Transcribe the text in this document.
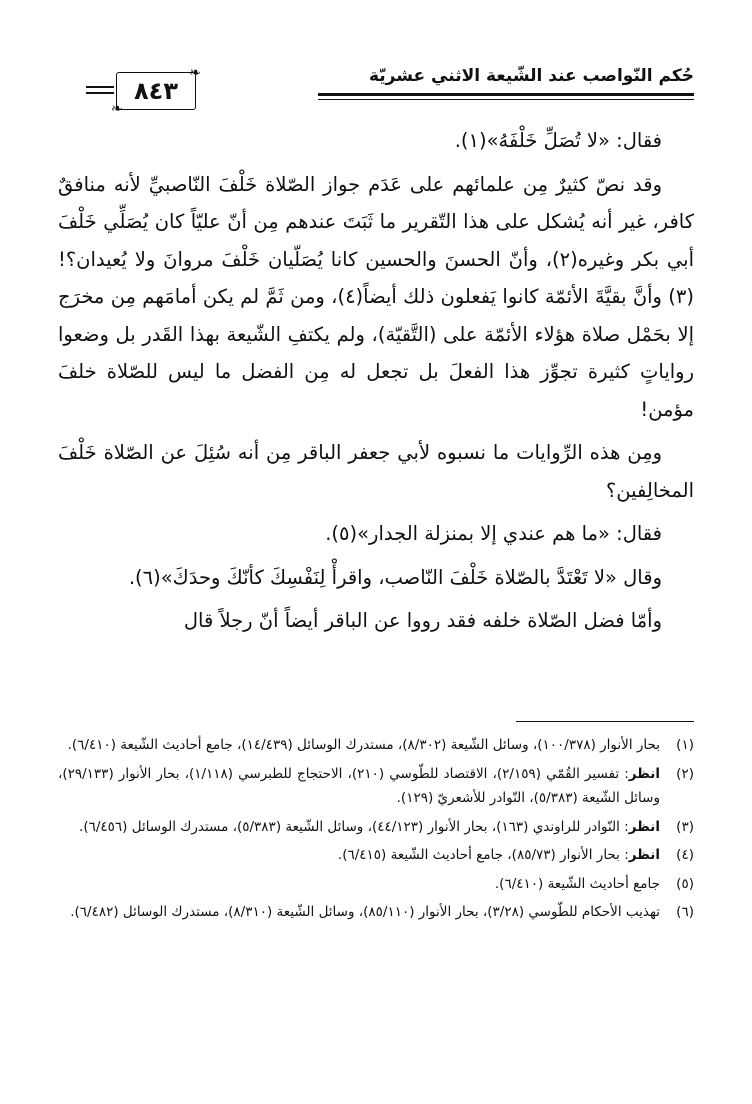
حُكم النّواصب عند الشّيعة الاثني عشريّة
❧
٨٤٣
❧

فقال: «لا تُصَلِّ خَلْفَهُ»(١).

وقد نصّ كثيرٌ مِن علمائهم على عَدَم جواز الصّلاة خَلْفَ النّاصبيِّ لأنه منافقٌ كافر، غير أنه يُشكل على هذا التّقرير ما ثَبَتَ عندهم مِن أنّ عليّاً كان يُصَلِّي خَلْفَ أبي بكر وغيره(٢)، وأنّ الحسنَ والحسين كانا يُصَلّيان خَلْفَ مروانَ ولا يُعيدان؟!(٣) وأنَّ بقيَّةَ الأئمّة كانوا يَفعلون ذلك أيضاً(٤)، ومن ثَمَّ لم يكن أمامَهم مِن مخرَج إلا بحَمْل صلاة هؤلاء الأئمّة على (التَّقيّة)، ولم يكتفِ الشّيعة بهذا القَدر بل وضعوا رواياتٍ كثيرة تجوِّز هذا الفعلَ بل تجعل له مِن الفضل ما ليس للصّلاة خلفَ مؤمن!

ومِن هذه الرِّوايات ما نسبوه لأبي جعفر الباقر مِن أنه سُئِلَ عن الصّلاة خَلْفَ المخالِفين؟

فقال: «ما هم عندي إلا بمنزلة الجدار»(٥).

وقال «لا تَعْتَدَّ بالصّلاة خَلْفَ النّاصب، واقرأْ لِنَفْسِكَ كأنّكَ وحدَكَ»(٦).

وأمّا فضل الصّلاة خلفه فقد رووا عن الباقر أيضاً أنّ رجلاً قال

(١)
بحار الأنوار (١٠٠/٣٧٨)، وسائل الشّيعة (٨/٣٠٢)، مستدرك الوسائل (١٤/٤٣٩)، جامع أحاديث الشّيعة (٦/٤١٠).
(٢)
انظر: تفسير القُمّي (٢/١٥٩)، الاقتصاد للطّوسي (٢١٠)، الاحتجاج للطبرسي (١/١١٨)، بحار الأنوار (٢٩/١٣٣)، وسائل الشّيعة (٥/٣٨٣)، النّوادر للأشعريّ (١٢٩).
(٣)
انظر: النّوادر للراوندي (١٦٣)، بحار الأنوار (٤٤/١٢٣)، وسائل الشّيعة (٥/٣٨٣)، مستدرك الوسائل (٦/٤٥٦).
(٤)
انظر: بحار الأنوار (٨٥/٧٣)، جامع أحاديث الشّيعة (٦/٤١٥).
(٥)
جامع أحاديث الشّيعة (٦/٤١٠).
(٦)
تهذيب الأحكام للطّوسي (٣/٢٨)، بحار الأنوار (٨٥/١١٠)، وسائل الشّيعة (٨/٣١٠)، مستدرك الوسائل (٦/٤٨٢).
